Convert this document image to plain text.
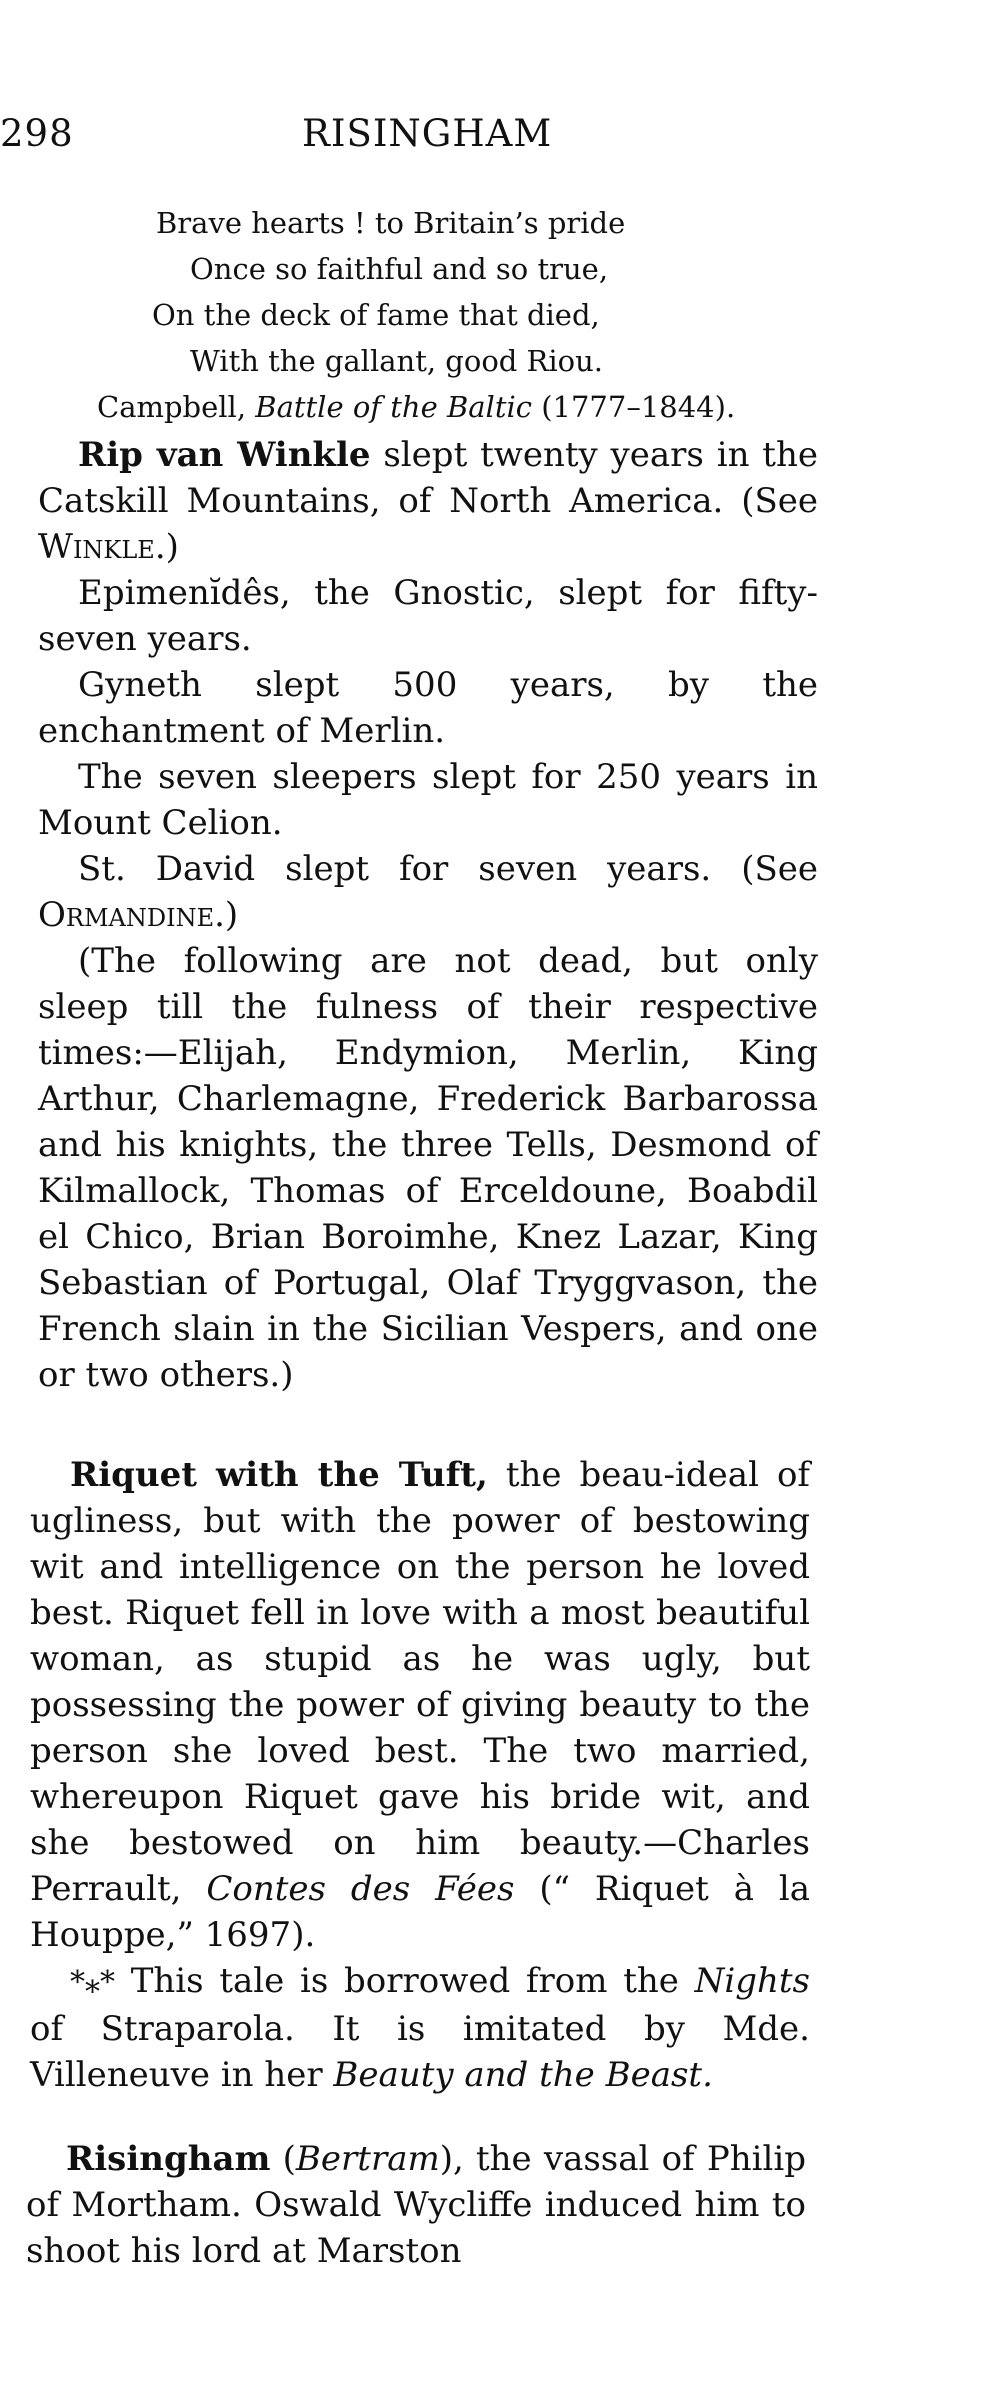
298	RISINGHAM
Brave hearts ! to Britain’s pride
Once so faithful and so true,
On the deck of fame that died,
With the gallant, good Riou.
Campbell, Battle of the Baltic (1777–1844).

Rip van Winkle slept twenty years in the Catskill Mountains, of North America. (See Winkle.)

Epimenĭdês, the Gnostic, slept for fifty-seven years.

Gyneth slept 500 years, by the enchantment of Merlin.

The seven sleepers slept for 250 years in Mount Celion.

St. David slept for seven years. (See Ormandine.)

(The following are not dead, but only sleep till the fulness of their respective times:—Elijah, Endymion, Merlin, King Arthur, Charlemagne, Frederick Barbarossa and his knights, the three Tells, Desmond of Kilmallock, Thomas of Erceldoune, Boabdil el Chico, Brian Boroimhe, Knez Lazar, King Sebastian of Portugal, Olaf Tryggvason, the French slain in the Sicilian Vespers, and one or two others.)

Riquet with the Tuft, the beau-ideal of ugliness, but with the power of bestowing wit and intelligence on the person he loved best. Riquet fell in love with a most beautiful woman, as stupid as he was ugly, but possessing the power of giving beauty to the person she loved best. The two married, whereupon Riquet gave his bride wit, and she bestowed on him beauty.—Charles Perrault, Contes des Fées (“ Riquet à la Houppe,” 1697).

*⁎* This tale is borrowed from the Nights of Straparola. It is imitated by Mde. Villeneuve in her Beauty and the Beast.

Risingham (Bertram), the vassal of Philip of Mortham. Oswald Wycliffe induced him to shoot his lord at Marston
